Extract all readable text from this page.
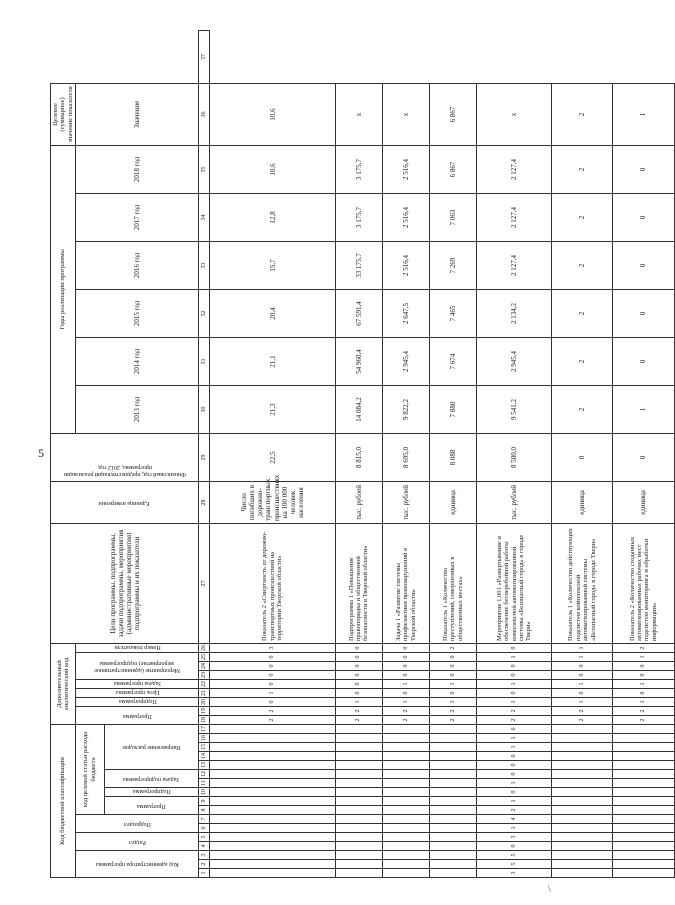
5
Код бюджетной классификации																	Дополнительный аналитический код									Цели программы, подпрограммы, задачи подпрограммы, мероприятия (административные мероприятия) подпрограммы и их показатели	Единица измерения	Финансовый год, предшествующий реализации программы, 2012 год	Годы реализации программы						Целевое (суммарное) значение показателя	

Код администратора программы			Раздел		Подраздел		код целевой статьи расхода бюджета										Программа		Подпрограмма	Цель программы	Задача программы	Мероприятие (административное мероприятие) подпрограммы			Номер показателя				2013 год	2014 год	2015 год	2016 год	2017 год	2018 год	Значение	

							Программа		Подпрограмма	Задача подпрограммы		Направление расходов																								

1	2	3	4	5	6	7	8	9	10	11	12	13	14	15	16	17	18	19	20	21	22	23	24	25	26	27	28	29	30	31	32	33	34	35	36	37
																	2	2	0	1	0	0	0	0	3	Показатель 2 «Смертность от дорожно-транспортных происшествий на территории Тверской области»	Число погибших в дорожно-транспортных происшествиях на 100 000 человек населения	22,5	21,3	21,1	20,4	15,7	12,8	10,6	10,6	
																	2	2	1	0	0	0	0	0	0	Подпрограмма 1 «Повышение правопорядка и общественной безопасности в Тверской области»	тыс. рублей	8 815,0	14 084,2	54 960,4	67 591,4	33 175,7	3 175,7	3 175,7	х	
																	2	2	1	0	1	0	0	0	0	Задача 1 «Развитие системы профилактики правонарушений в Тверской области»	тыс. рублей	8 695,0	9 822,2	2 945,4	2 647,5	2 516,4	2 516,4	2 516,4	х	
																	2	2	1	0	1	0	0	0	2	Показатель 1 «Количество преступлений, совершенных в общественных местах»	единица	8 088	7 880	7 674	7 465	7 269	7 063	6 867	6 867	
3	5	5	0	3	1	4	2	1	0	1	0	0	0	1	1	6	2	2	1	0	1	0	0	1	0	Мероприятие 1.001 «Развертывание и обеспечение бесперебойной работы комплексной автоматизированной системы «Безопасный город» в городе Твери»	тыс. рублей	8 580,0	9 541,2	2 945,4	2 134,2	2 127,4	2 127,4	2 127,4	х	
																	2	2	1	0	1	0	0	1	1	Показатель 1 «Количество действующих подсистем комплексной автоматизированной системы «Безопасный город» в городе Твери»	единица	0	2	2	2	2	2	2	2	
																	2	2	1	0	1	0	0	1	2	Показатель 2 «Количество созданных автоматизированных рабочих мест подсистем мониторинга и обработки информации»	единица	0	1	0	0	0	0	0	1	
\
